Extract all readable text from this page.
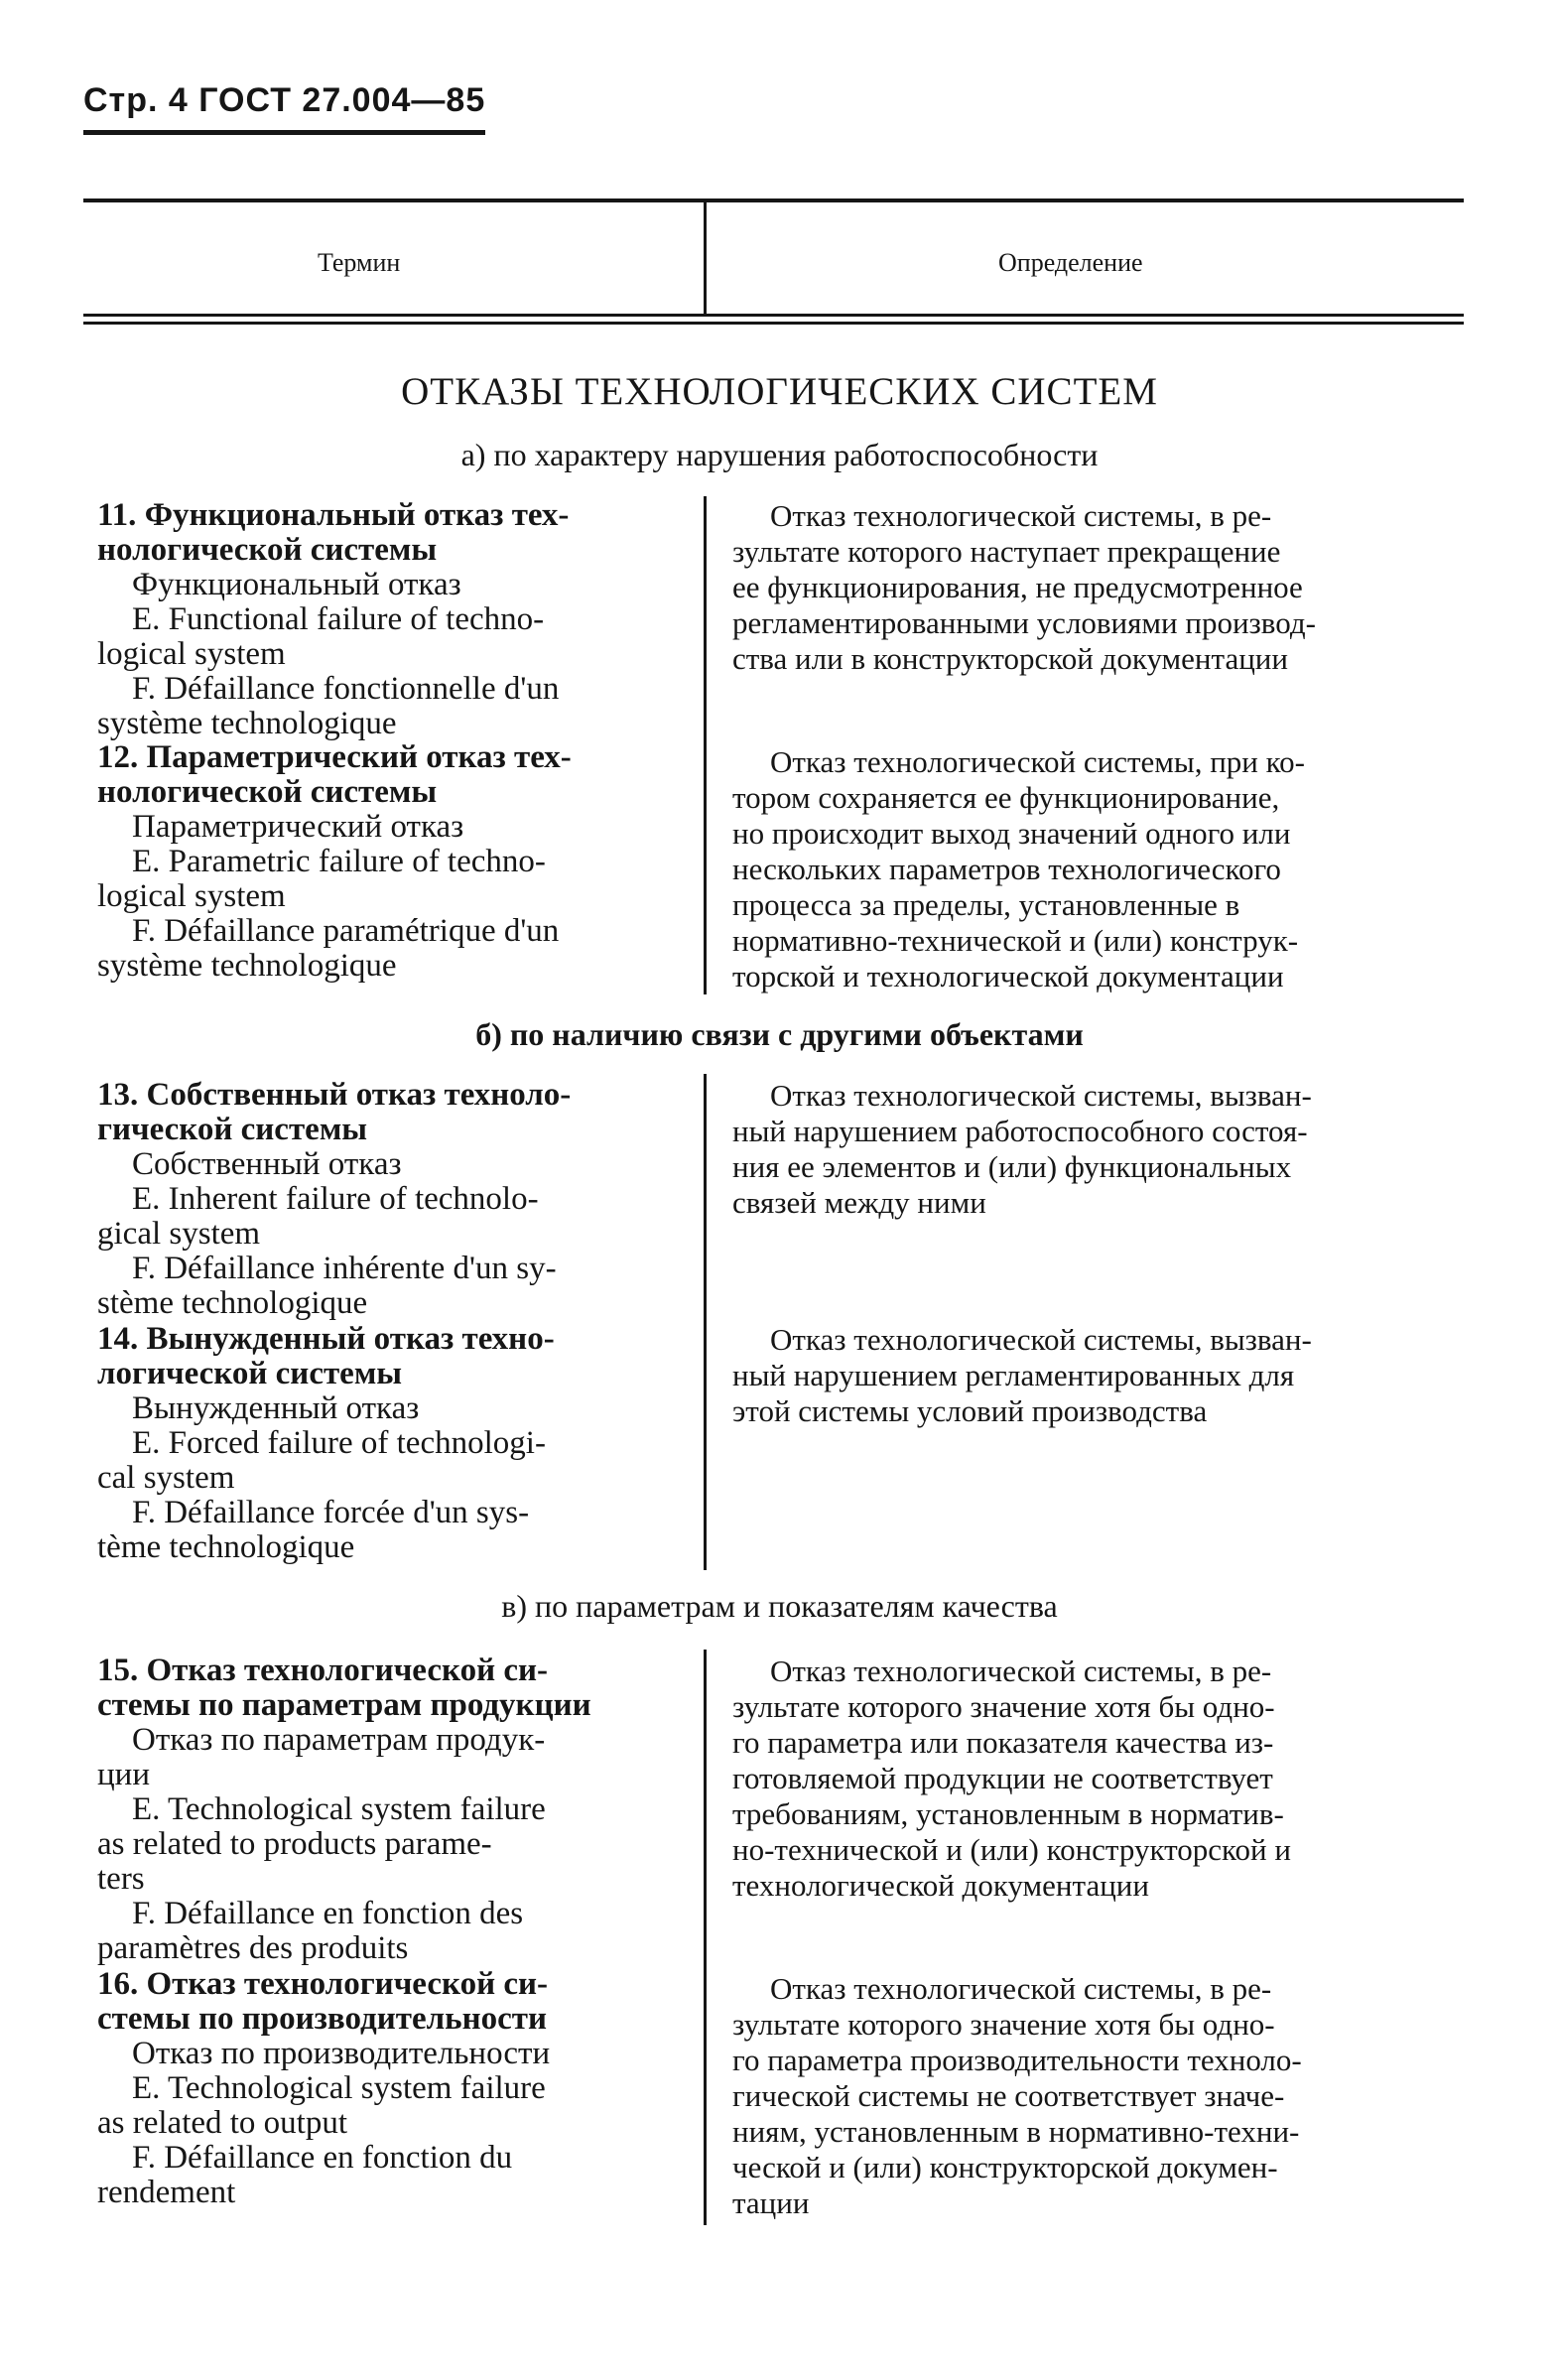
Стр. 4 ГОСТ 27.004—85
Термин	Определение
ОТКАЗЫ ТЕХНОЛОГИЧЕСКИХ СИСТЕМ
а) по характеру нарушения работоспособности
11. Функциональный отказ тех-
нологической системы
Функциональный отказ
E. Functional failure of techno-
logical system
F. Défaillance fonctionnelle d'un
système technologique

Отказ технологической системы, в ре-

зультате которого наступает прекращение
ее функционирования, не предусмотренное
регламентированными условиями производ-
ства или в конструкторской документации
12. Параметрический отказ тех-
нологической системы
Параметрический отказ
E. Parametric failure of techno-
logical system
F. Défaillance paramétrique d'un
système technologique

Отказ технологической системы, при ко-

тором сохраняется ее функционирование,
но происходит выход значений одного или
нескольких параметров технологического
процесса за пределы, установленные в
нормативно-технической и (или) конструк-
торской и технологической документации
б) по наличию связи с другими объектами
13. Собственный отказ техноло-
гической системы
Собственный отказ
E. Inherent failure of technolo-
gical system
F. Défaillance inhérente d'un sy-
stème technologique

Отказ технологической системы, вызван-

ный нарушением работоспособного состоя-
ния ее элементов и (или) функциональных
связей между ними
14. Вынужденный отказ техно-
логической системы
Вынужденный отказ
E. Forced failure of technologi-
cal system
F. Défaillance forcée d'un sys-
tème technologique

Отказ технологической системы, вызван-

ный нарушением регламентированных для
этой системы условий производства
в) по параметрам и показателям качества
15. Отказ технологической си-
стемы по параметрам продукции
Отказ по параметрам продук-
ции
E. Technological system failure
as related to products parame-
ters
F. Défaillance en fonction des
paramètres des produits

Отказ технологической системы, в ре-

зультате которого значение хотя бы одно-
го параметра или показателя качества из-
готовляемой продукции не соответствует
требованиям, установленным в норматив-
но-технической и (или) конструкторской и
технологической документации
16. Отказ технологической си-
стемы по производительности
Отказ по производительности
E. Technological system failure
as related to output
F. Défaillance en fonction du
rendement

Отказ технологической системы, в ре-

зультате которого значение хотя бы одно-
го параметра производительности техноло-
гической системы не соответствует значе-
ниям, установленным в нормативно-техни-
ческой и (или) конструкторской докумен-
тации
